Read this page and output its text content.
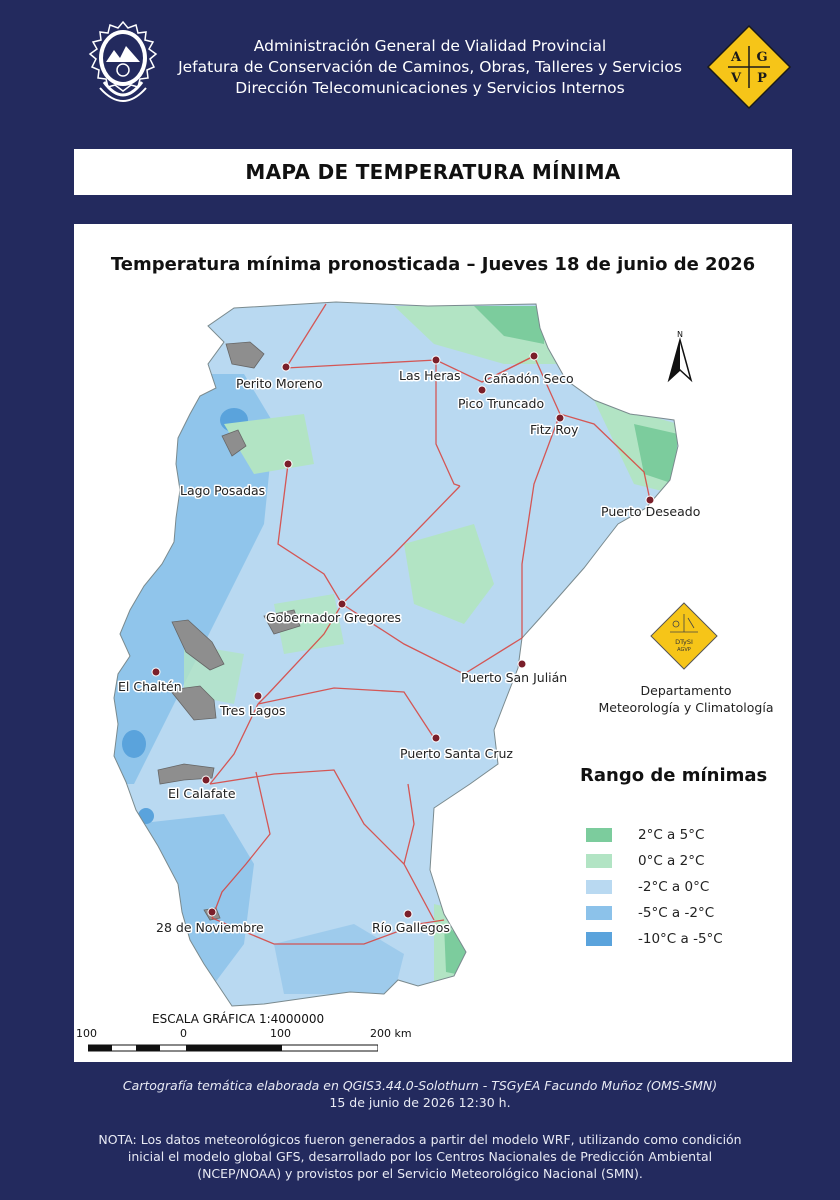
Administración General de Vialidad Provincial
Jefatura de Conservación de Caminos, Obras, Talleres y Servicios
Dirección Telecomunicaciones y Servicios Internos
A G
V P
MAPA DE TEMPERATURA MÍNIMA
Temperatura mínima pronosticada – Jueves 18 de junio de 2026
Perito Moreno
Las Heras Cañadón Seco
Pico Truncado
Fitz Roy
Lago Posadas
Puerto Deseado
Gobernador Gregores
Puerto San Julián
El Chaltén
Tres Lagos
Puerto Santa Cruz
El Calafate
28 de Noviembre	Río Gallegos
N
DTySI
AGVP
Departamento
Meteorología y Climatología
Rango de mínimas
2°C a 5°C
0°C a 2°C
-2°C a 0°C
-5°C a -2°C
-10°C a -5°C
ESCALA GRÁFICA 1:4000000
100	0	100	200 km
Cartografía temática elaborada en QGIS3.44.0-Solothurn - TSGyEA Facundo Muñoz (OMS-SMN)
15 de junio de 2026 12:30 h.
NOTA: Los datos meteorológicos fueron generados a partir del modelo WRF, utilizando como condición
inicial el modelo global GFS, desarrollado por los Centros Nacionales de Predicción Ambiental
(NCEP/NOAA) y provistos por el Servicio Meteorológico Nacional (SMN).
